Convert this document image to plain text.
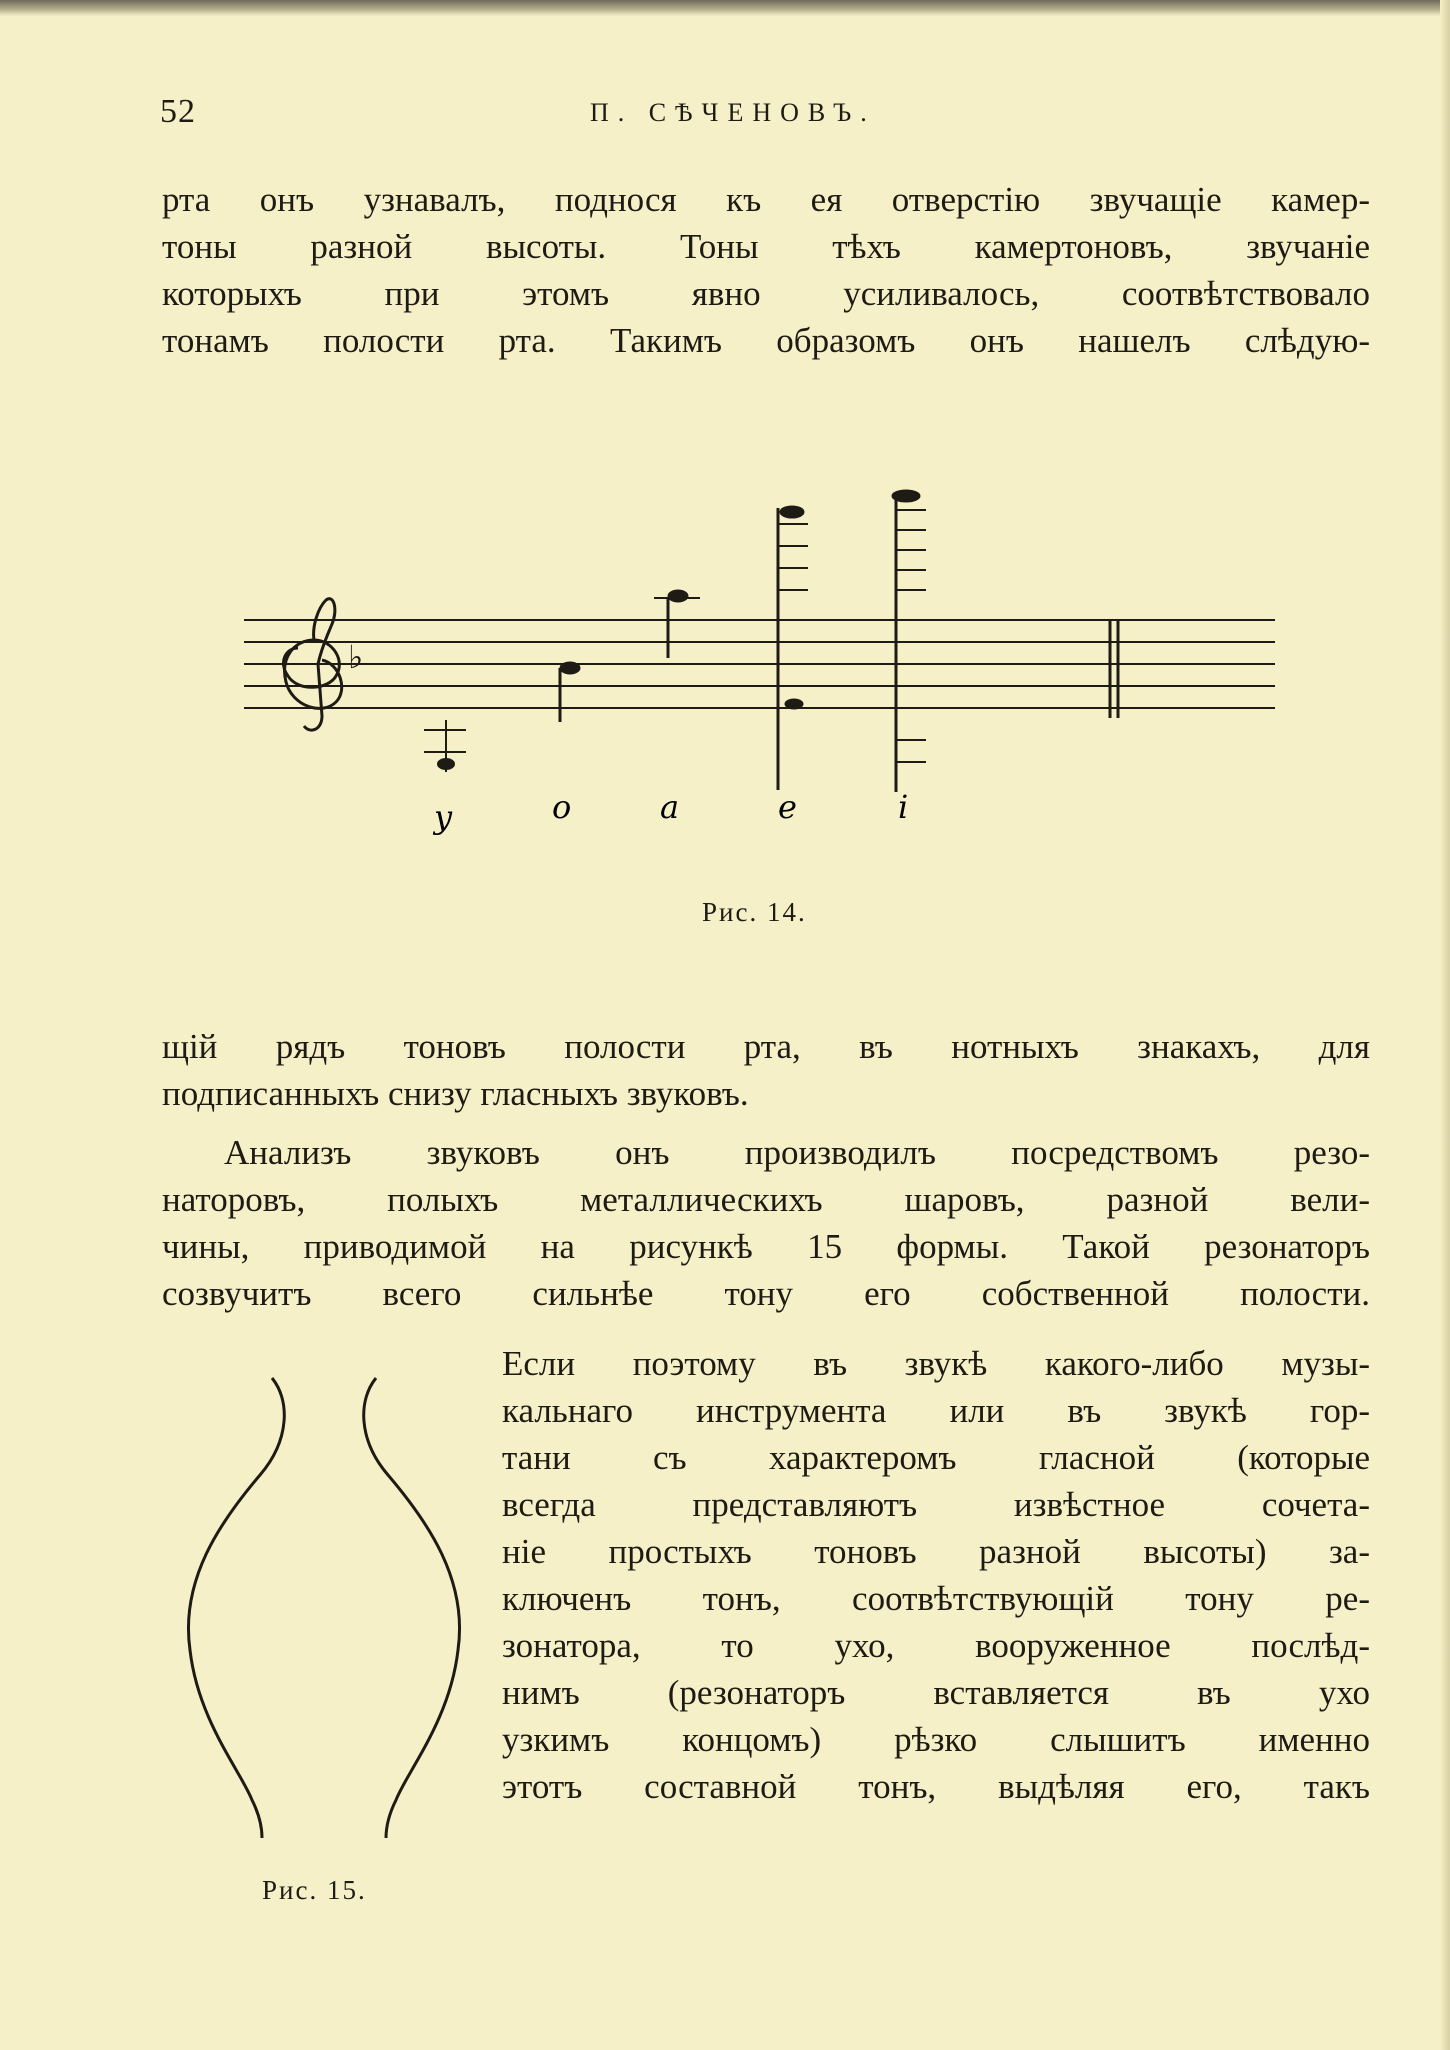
52	П. СѢЧЕНОВЪ.
рта онъ узнавалъ, поднося къ ея отверстію звучащіе камер-
тоны разной высоты. Тоны тѣхъ камертоновъ, звучаніе
которыхъ при этомъ явно усиливалось, соотвѣтствовало
тонамъ полости рта. Такимъ образомъ онъ нашелъ слѣдую-
♭
у	о	а	е	і
Рис. 14.
щій рядъ тоновъ полости рта, въ нотныхъ знакахъ, для
подписанныхъ снизу гласныхъ звуковъ.
Анализъ звуковъ онъ производилъ посредствомъ резо-
наторовъ, полыхъ металлическихъ шаровъ, разной вели-
чины, приводимой на рисункѣ 15 формы. Такой резонаторъ
созвучитъ всего сильнѣе тону его собственной полости.
Рис. 15.
Если поэтому въ звукѣ какого-либо музы-
кальнаго инструмента или въ звукѣ гор-
тани съ характеромъ гласной (которые
всегда представляютъ извѣстное сочета-
ніе простыхъ тоновъ разной высоты) за-
ключенъ тонъ, соотвѣтствующій тону ре-
зонатора, то ухо, вооруженное послѣд-
нимъ (резонаторъ вставляется въ ухо
узкимъ концомъ) рѣзко слышитъ именно
этотъ составной тонъ, выдѣляя его, такъ
